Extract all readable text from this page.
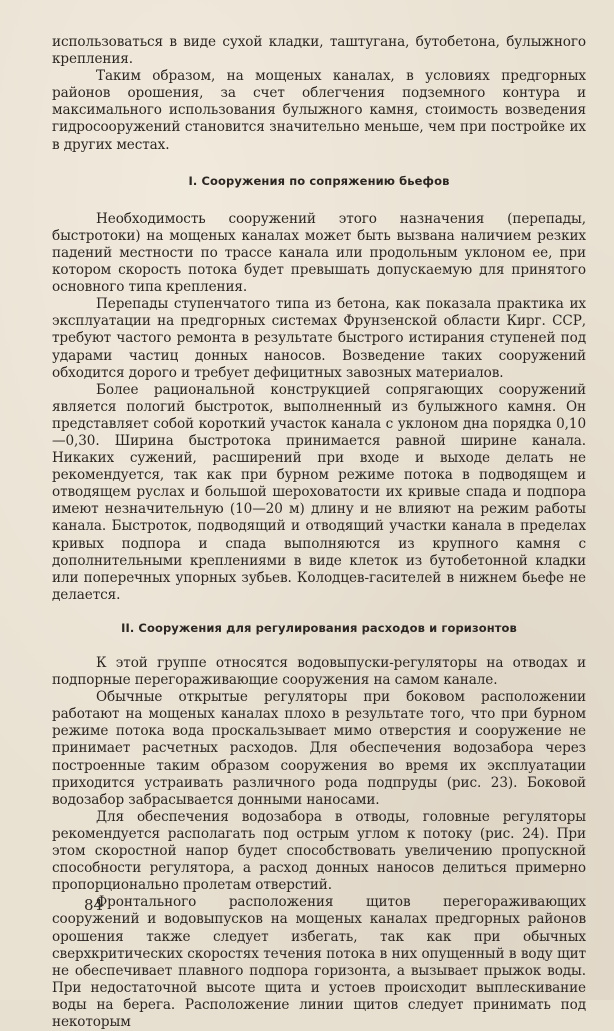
использоваться в виде сухой кладки, таштугана, бутобетона, булыжного крепления.

Таким образом, на мощеных каналах, в условиях предгорных районов орошения, за счет облегчения подземного контура и максимального использования булыжного камня, стоимость возведения гидросооружений становится значительно меньше, чем при постройке их в других местах.

I. Сооружения по сопряжению бьефов

Необходимость сооружений этого назначения (перепады, быстротоки) на мощеных каналах может быть вызвана наличием резких падений местности по трассе канала или продольным уклоном ее, при котором скорость потока будет превышать допускаемую для принятого основного типа крепления.

Перепады ступенчатого типа из бетона, как показала практика их эксплуатации на предгорных системах Фрунзенской области Кирг. ССР, требуют частого ремонта в результате быстрого истирания ступеней под ударами частиц донных наносов. Возведение таких сооружений обходится дорого и требует дефицитных завозных материалов.

Более рациональной конструкцией сопрягающих сооружений является пологий быстроток, выполненный из булыжного камня. Он представляет собой короткий участок канала с уклоном дна порядка 0,10—0,30. Ширина быстротока принимается равной ширине канала. Никаких сужений, расширений при входе и выходе делать не рекомендуется, так как при бурном режиме потока в подводящем и отводящем руслах и большой шероховатости их кривые спада и подпора имеют незначительную (10—20 м) длину и не влияют на режим работы канала. Быстроток, подводящий и отводящий участки канала в пределах кривых подпора и спада выполняются из крупного камня с дополнительными креплениями в виде клеток из бутобетонной кладки или поперечных упорных зубьев. Колодцев-гасителей в нижнем бьефе не делается.

II. Сооружения для регулирования расходов и горизонтов

К этой группе относятся водовыпуски-регуляторы на отводах и подпорные перегораживающие сооружения на самом канале.

Обычные открытые регуляторы при боковом расположении работают на мощеных каналах плохо в результате того, что при бурном режиме потока вода проскальзывает мимо отверстия и сооружение не принимает расчетных расходов. Для обеспечения водозабора через построенные таким образом сооружения во время их эксплуатации приходится устраивать различного рода подпруды (рис. 23). Боковой водозабор забрасывается донными наносами.

Для обеспечения водозабора в отводы, головные регуляторы рекомендуется располагать под острым углом к потоку (рис. 24). При этом скоростной напор будет способствовать увеличению пропускной способности регулятора, а расход донных наносов делиться примерно пропорционально пролетам отверстий.

Фронтального расположения щитов перегораживающих сооружений и водовыпусков на мощеных каналах предгорных районов орошения также следует избегать, так как при обычных сверхкритических скоростях течения потока в них опущенный в воду щит не обеспечивает плавного подпора горизонта, а вызывает прыжок воды. При недостаточной высоте щита и устоев происходит выплескивание воды на берега. Расположение линии щитов следует принимать под некоторым

84
